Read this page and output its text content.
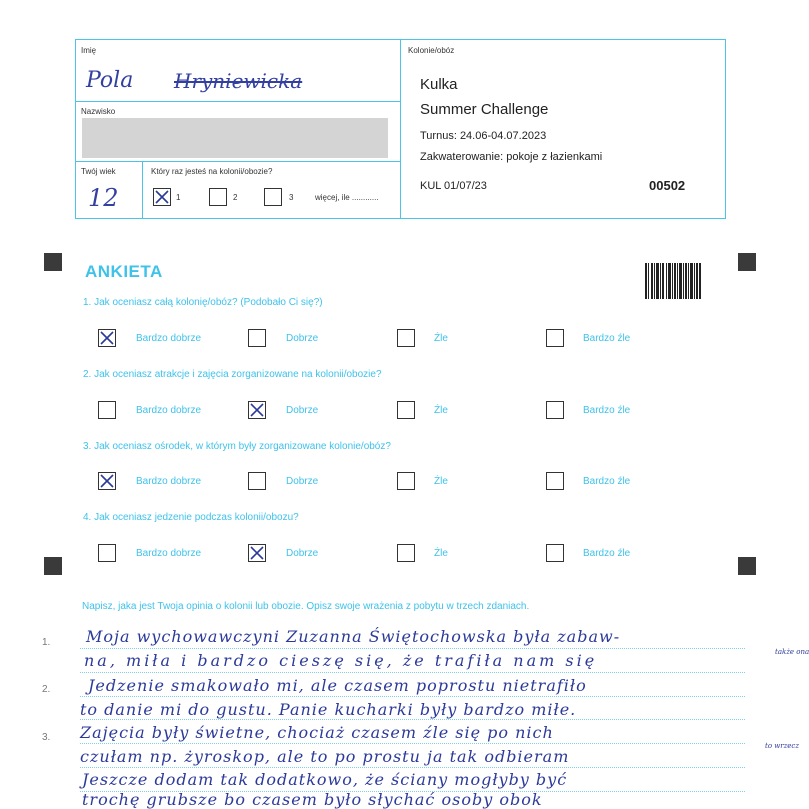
Imię
Pola Hryniewicka
Nazwisko
Twój wiek
12
Który raz jesteś na kolonii/obozie?
1	2	3	więcej, ile ............
Kolonie/obóz
Kulka
Summer Challenge
Turnus: 24.06-04.07.2023
Zakwaterowanie: pokoje z łazienkami
KUL 01/07/23	00502
ANKIETA
1. Jak oceniasz całą kolonię/obóz? (Podobało Ci się?)
2. Jak oceniasz atrakcje i zajęcia zorganizowane na kolonii/obozie?
3. Jak oceniasz ośrodek, w którym były zorganizowane kolonie/obóz?
4. Jak oceniasz jedzenie podczas kolonii/obozu?
Bardzo dobrze	Dobrze	Źle	Bardzo źle
Bardzo dobrze	Dobrze	Źle	Bardzo źle
Bardzo dobrze	Dobrze	Źle	Bardzo źle
Bardzo dobrze	Dobrze	Źle	Bardzo źle
Napisz, jaka jest Twoja opinia o kolonii lub obozie. Opisz swoje wrażenia z pobytu w trzech zdaniach.
1.
2.
3.
Moja wychowawczyni Zuzanna Świętochowska była zabaw-
na, miła i bardzo cieszę się, że trafiła nam się	także ona
Jedzenie smakowało mi, ale czasem poprostu nietrafiło
to danie mi do gustu. Panie kucharki były bardzo miłe.
Zajęcia były świetne, chociaż czasem źle się po nich
czułam np. żyroskop, ale to po prostu ja tak odbieram
to wrzecz
Jeszcze dodam tak dodatkowo, że ściany mogłyby być
trochę grubsze bo czasem było słychać osoby obok
